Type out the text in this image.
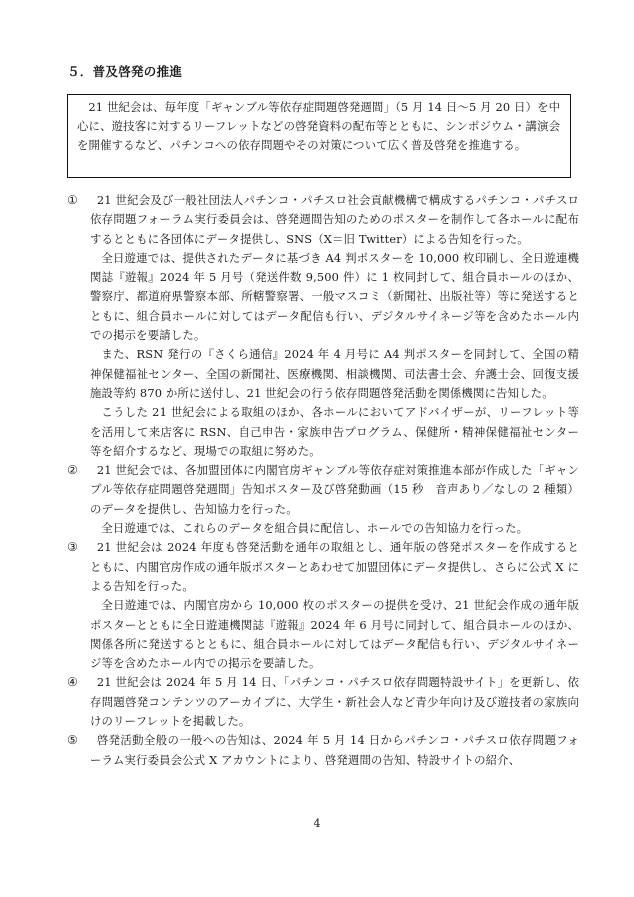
５．普及啓発の推進

21 世紀会は、毎年度「ギャンブル等依存症問題啓発週間」（5 月 14 日～5 月 20 日）を中心に、遊技客に対するリーフレットなどの啓発資料の配布等とともに、シンポジウム・講演会を開催するなど、パチンコへの依存問題やその対策について広く普及啓発を推進する。

①	21 世紀会及び一般社団法人パチンコ・パチスロ社会貢献機構で構成するパチンコ・パチスロ依存問題フォーラム実行委員会は、啓発週間告知のためのポスターを制作して各ホールに配布するとともに各団体にデータ提供し、SNS（X＝旧 Twitter）による告知を行った。

全日遊連では、提供されたデータに基づき A4 判ポスターを 10,000 枚印刷し、全日遊連機関誌『遊報』2024 年 5 月号（発送件数 9,500 件）に 1 枚同封して、組合員ホールのほか、警察庁、都道府県警察本部、所轄警察署、一般マスコミ（新聞社、出版社等）等に発送するとともに、組合員ホールに対してはデータ配信も行い、デジタルサイネージ等を含めたホール内での掲示を要請した。

また、RSN 発行の『さくら通信』2024 年 4 月号に A4 判ポスターを同封して、全国の精神保健福祉センター、全国の新聞社、医療機関、相談機関、司法書士会、弁護士会、回復支援施設等約 870 か所に送付し、21 世紀会の行う依存問題啓発活動を関係機関に告知した。

こうした 21 世紀会による取組のほか、各ホールにおいてアドバイザーが、リーフレット等を活用して来店客に RSN、自己申告・家族申告プログラム、保健所・精神保健福祉センター等を紹介するなど、現場での取組に努めた。

②	21 世紀会では、各加盟団体に内閣官房ギャンブル等依存症対策推進本部が作成した「ギャンブル等依存症問題啓発週間」告知ポスター及び啓発動画（15 秒　音声あり／なしの 2 種類）のデータを提供し、告知協力を行った。

全日遊連では、これらのデータを組合員に配信し、ホールでの告知協力を行った。

③	21 世紀会は 2024 年度も啓発活動を通年の取組とし、通年版の啓発ポスターを作成するとともに、内閣官房作成の通年版ポスターとあわせて加盟団体にデータ提供し、さらに公式 X による告知を行った。

全日遊連では、内閣官房から 10,000 枚のポスターの提供を受け、21 世紀会作成の通年版ポスターとともに全日遊連機関誌『遊報』2024 年 6 月号に同封して、組合員ホールのほか、関係各所に発送するとともに、組合員ホールに対してはデータ配信も行い、デジタルサイネージ等を含めたホール内での掲示を要請した。

④	21 世紀会は 2024 年 5 月 14 日、「パチンコ・パチスロ依存問題特設サイト」を更新し、依存問題啓発コンテンツのアーカイブに、大学生・新社会人など青少年向け及び遊技者の家族向けのリーフレットを掲載した。

⑤	啓発活動全般の一般への告知は、2024 年 5 月 14 日からパチンコ・パチスロ依存問題フォーラム実行委員会公式 X アカウントにより、啓発週間の告知、特設サイトの紹介、

4
